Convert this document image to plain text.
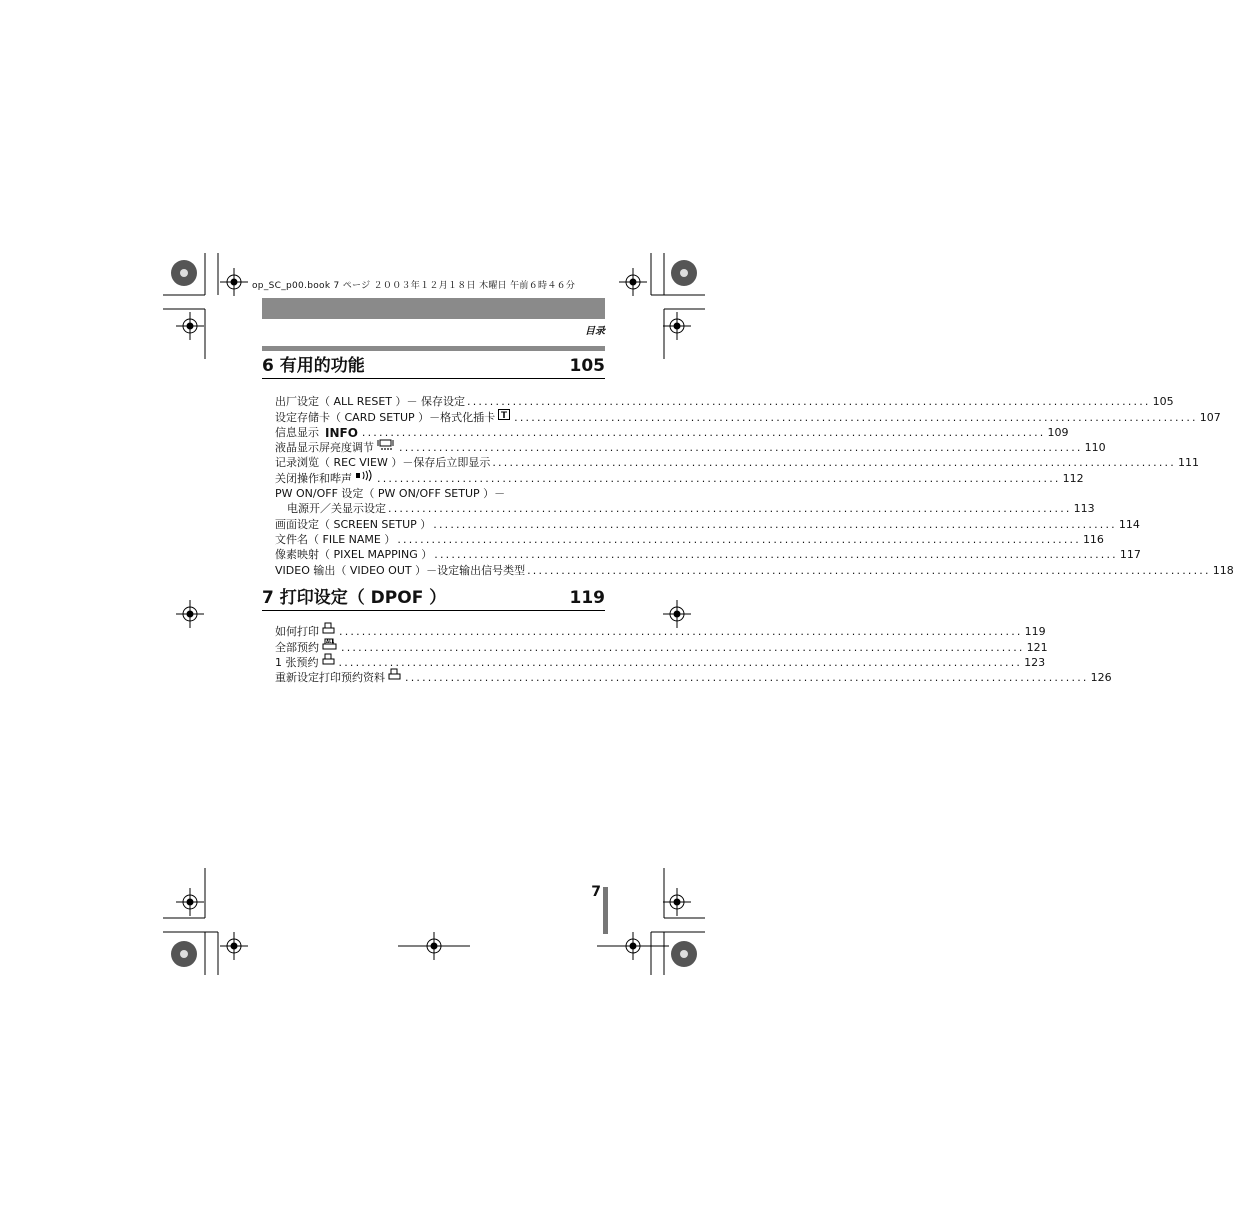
op_SC_p00.book 7 ページ ２００３年１２月１８日 木曜日 午前６時４６分
目录
6 有用的功能	105
出厂设定（ ALL RESET ）－ 保存设定 ........................................................................................................................ 105
设定存储卡（ CARD SETUP ）－格式化插卡 ........................................................................................................................ 107
信息显示 INFO ........................................................................................................................ 109
液晶显示屏亮度调节 ........................................................................................................................ 110
记录浏览（ REC VIEW ）－保存后立即显示 ........................................................................................................................ 111
关闭操作和哔声 ........................................................................................................................ 112
PW ON/OFF 设定（ PW ON/OFF SETUP ）－
电源开／关显示设定 ........................................................................................................................ 113
画面设定（ SCREEN SETUP ） ........................................................................................................................ 114
文件名（ FILE NAME ） ........................................................................................................................ 116
像素映射（ PIXEL MAPPING ） ........................................................................................................................ 117
VIDEO 输出（ VIDEO OUT ）－设定输出信号类型 ........................................................................................................................ 118
7 打印设定（ DPOF ）	119
如何打印 ........................................................................................................................ 119
全部预约 ALL ........................................................................................................................ 121
1 张预约 ........................................................................................................................ 123
重新设定打印预约资料 ........................................................................................................................ 126
7
